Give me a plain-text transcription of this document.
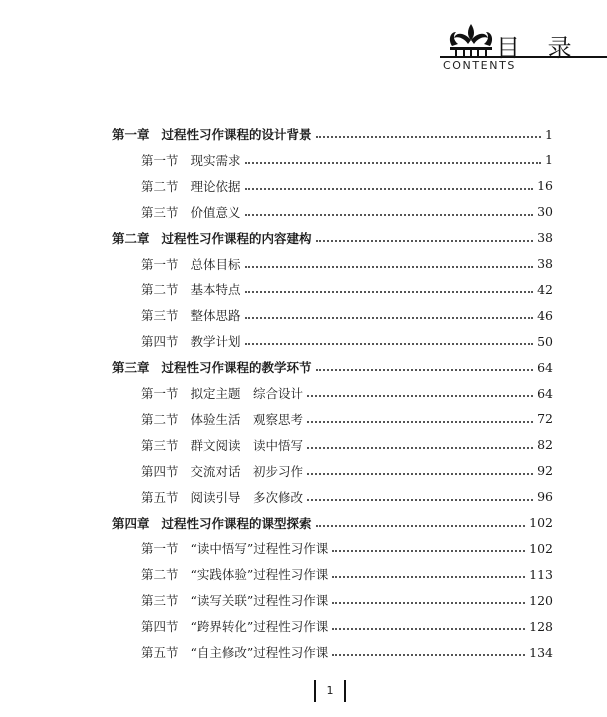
目 录
CONTENTS
第一章 过程性习作课程的设计背景	1
第一节 现实需求	1
第二节 理论依据	16
第三节 价值意义	30
第二章 过程性习作课程的内容建构	38
第一节 总体目标	38
第二节 基本特点	42
第三节 整体思路	46
第四节 教学计划	50
第三章 过程性习作课程的教学环节	64
第一节 拟定主题　综合设计	64
第二节 体验生活　观察思考	72
第三节 群文阅读　读中悟写	82
第四节 交流对话　初步习作	92
第五节 阅读引导　多次修改	96
第四章 过程性习作课程的课型探索	102
第一节 “读中悟写”过程性习作课	102
第二节 “实践体验”过程性习作课	113
第三节 “读写关联”过程性习作课	120
第四节 “跨界转化”过程性习作课	128
第五节 “自主修改”过程性习作课	134
1
